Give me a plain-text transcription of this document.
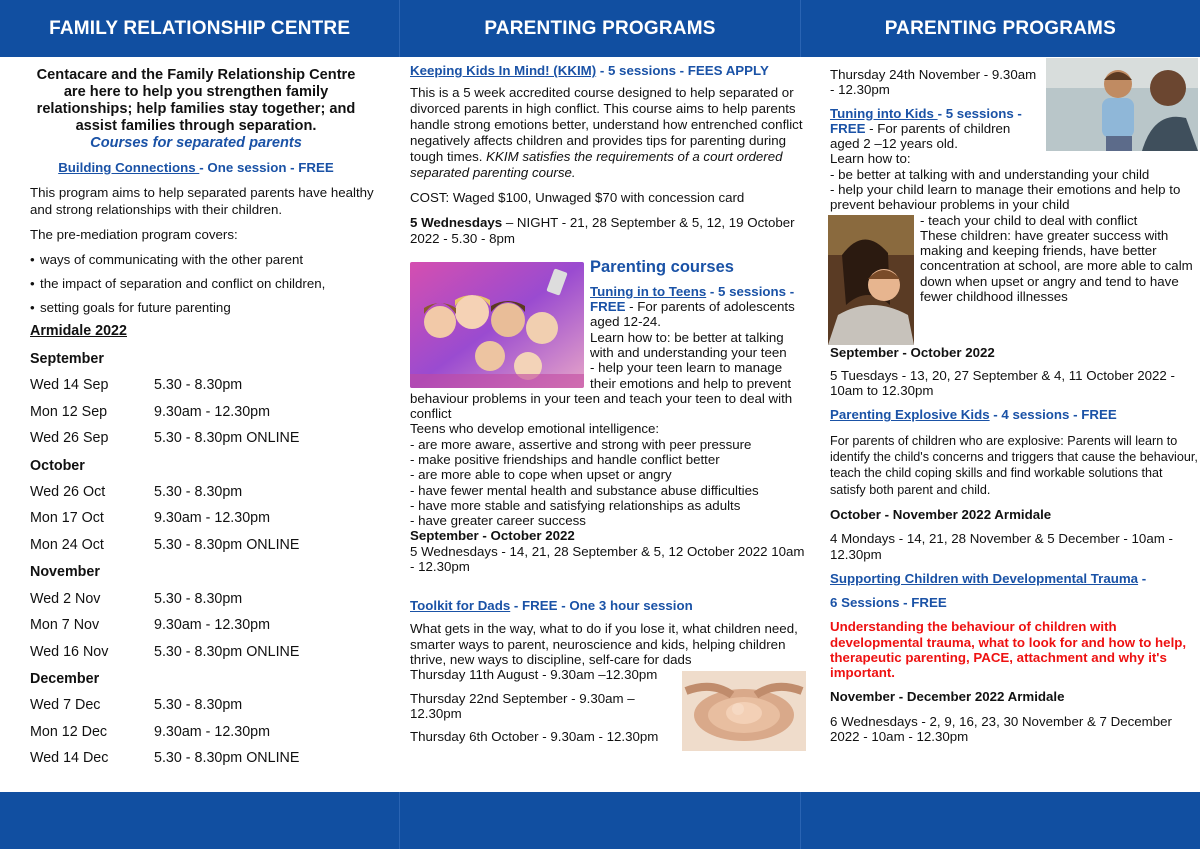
FAMILY RELATIONSHIP CENTRE	PARENTING PROGRAMS	PARENTING PROGRAMS
Centacare and the Family Relationship Centre are here to help you strengthen family relationships; help families stay together; and assist families through separation.
Courses for separated parents
Building Connections - One session - FREE
This program aims to help separated parents have healthy and strong relationships with their children.
The pre-mediation program covers:
• ways of communicating with the other parent
• the impact of separation and conflict on children,
• setting goals for future parenting
Armidale 2022
September
Wed 14 Sep	5.30 - 8.30pm
Mon 12 Sep	9.30am - 12.30pm
Wed 26 Sep	5.30 - 8.30pm ONLINE
October
Wed 26 Oct	5.30 - 8.30pm
Mon 17 Oct	9.30am - 12.30pm
Mon 24 Oct	5.30 - 8.30pm ONLINE
November
Wed 2 Nov	5.30 - 8.30pm
Mon 7 Nov	9.30am - 12.30pm
Wed 16 Nov	5.30 - 8.30pm ONLINE
December
Wed 7 Dec	5.30 - 8.30pm
Mon 12 Dec	9.30am - 12.30pm
Wed 14 Dec	5.30 - 8.30pm ONLINE
Keeping Kids In Mind! (KKIM) - 5 sessions - FEES APPLY
This is a 5 week accredited course designed to help separated or divorced parents in high conflict. This course aims to help parents handle strong emotions better, understand how entrenched conflict negatively affects children and provides tips for parenting during tough times. KKIM satisfies the requirements of a court ordered separated parenting course.
COST: Waged $100, Unwaged $70 with concession card
5 Wednesdays – NIGHT - 21, 28 September & 5, 12, 19 October 2022 - 5.30 - 8pm
Parenting courses
Tuning in to Teens - 5 sessions - FREE - For parents of adolescents aged 12-24.
Learn how to: be better at talking with and understanding your teen
- help your teen learn to manage their emotions and help to prevent behaviour problems in your teen and teach your teen to deal with conflict
Teens who develop emotional intelligence:
- are more aware, assertive and strong with peer pressure
- make positive friendships and handle conflict better
- are more able to cope when upset or angry
- have fewer mental health and substance abuse difficulties
- have more stable and satisfying relationships as adults
- have greater career success
September - October 2022
5 Wednesdays - 14, 21, 28 September & 5, 12 October 2022 10am - 12.30pm
Toolkit for Dads - FREE - One 3 hour session
What gets in the way, what to do if you lose it, what children need, smarter ways to parent, neuroscience and kids, helping children thrive, new ways to discipline, self-care for dads
Thursday 11th August - 9.30am –12.30pm
Thursday 22nd September - 9.30am – 12.30pm
Thursday 6th October - 9.30am - 12.30pm
Thursday 24th November - 9.30am - 12.30pm
Tuning into Kids - 5 sessions - FREE - For parents of children aged 2 –12 years old.
Learn how to:
- be better at talking with and understanding your child
- help your child learn to manage their emotions and help to prevent behaviour problems in your child
- teach your child to deal with conflict
These children: have greater success with making and keeping friends, have better concentration at school, are more able to calm down when upset or angry and tend to have fewer childhood illnesses
September - October 2022
5 Tuesdays - 13, 20, 27 September & 4, 11 October 2022 - 10am to 12.30pm
Parenting Explosive Kids - 4 sessions - FREE
For parents of children who are explosive: Parents will learn to identify the child's concerns and triggers that cause the behaviour, teach the child coping skills and find workable solutions that satisfy both parent and child.
October - November 2022 Armidale
4 Mondays - 14, 21, 28 November & 5 December - 10am - 12.30pm
Supporting Children with Developmental Trauma -
6 Sessions - FREE
Understanding the behaviour of children with developmental trauma, what to look for and how to help, therapeutic parenting, PACE, attachment and why it's important.
November - December 2022 Armidale
6 Wednesdays - 2, 9, 16, 23, 30 November & 7 December 2022 - 10am - 12.30pm
